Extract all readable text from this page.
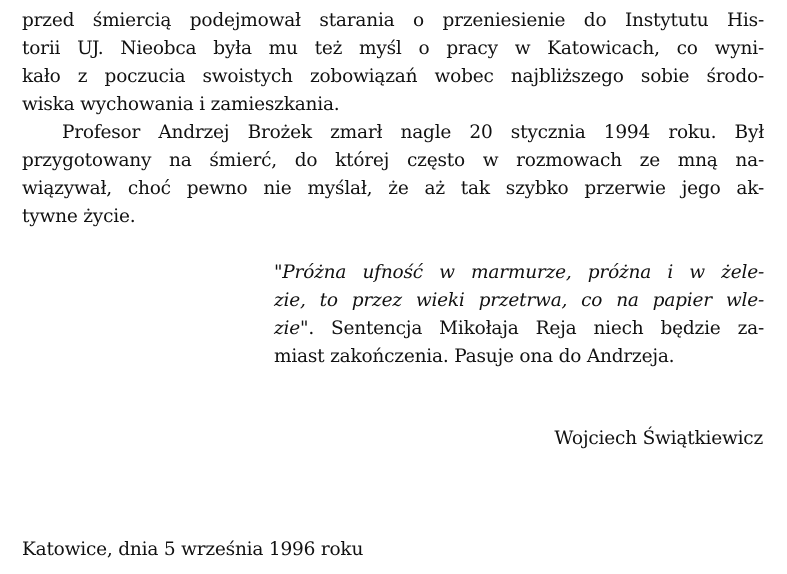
przed śmiercią podejmował starania o przeniesienie do Instytutu His-
torii UJ. Nieobca była mu też myśl o pracy w Katowicach, co wyni-
kało z poczucia swoistych zobowiązań wobec najbliższego sobie środo-
wiska wychowania i zamieszkania.
Profesor Andrzej Brożek zmarł nagle 20 stycznia 1994 roku. Był
przygotowany na śmierć, do której często w rozmowach ze mną na-
wiązywał, choć pewno nie myślał, że aż tak szybko przerwie jego ak-
tywne życie.
"Próżna ufność w marmurze, próżna i w żele-
zie, to przez wieki przetrwa, co na papier wle-
zie". Sentencja Mikołaja Reja niech będzie za-
miast zakończenia. Pasuje ona do Andrzeja.
Wojciech Świątkiewicz
Katowice, dnia 5 września 1996 roku
